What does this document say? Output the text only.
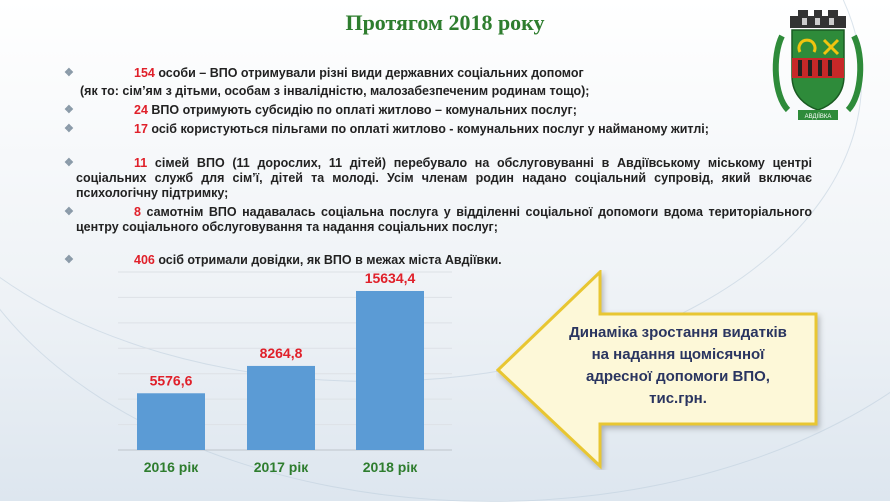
Протягом 2018 року
АВДІЇВКА
❖	154 особи – ВПО отримували різні види державних соціальних допомог
(як то: сім’ям з дітьми, особам з інвалідністю, малозабезпеченим родинам тощо);
❖	24 ВПО отримують субсидію по оплаті житлово – комунальних послуг;
❖	17 осіб користуються пільгами по оплаті житлово - комунальних послуг у найманому житлі;
❖	11 сімей ВПО (11 дорослих, 11 дітей) перебувало на обслуговуванні в Авдіївському міському центрі соціальних служб для сім’ї, дітей та молоді. Усім членам родин надано соціальний супровід, який включає психологічну підтримку;
❖	8 самотнім ВПО надавалась соціальна послуга у відділенні соціальної допомоги вдома територіального центру соціального обслуговування та надання соціальних послуг;
❖	406 осіб отримали довідки, як ВПО в межах міста Авдіївки.
5576,6
2016 рік
8264,8
2017 рік
15634,4
2018 рік
Динаміка зростання видатків на надання щомісячної адресної допомоги ВПО, тис.грн.
